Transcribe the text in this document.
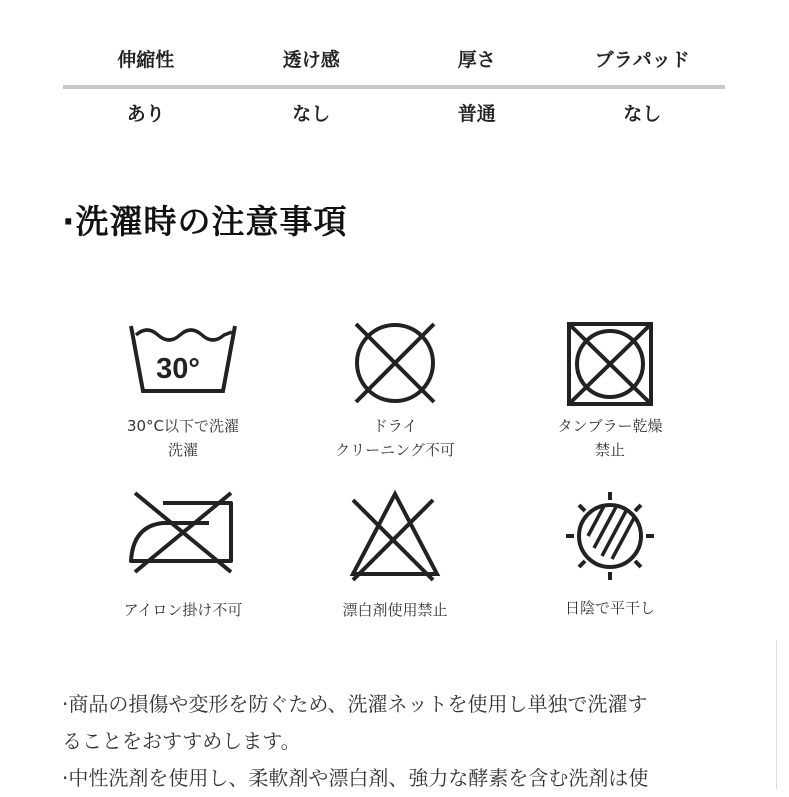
伸縮性	透け感	厚さ	ブラパッド
あり	なし	普通	なし
·洗濯時の注意事項
30°
30°C以下で洗濯
洗濯
ドライ
クリーニング不可
タンブラー乾燥
禁止
アイロン掛け不可	漂白剤使用禁止	日陰で平干し

·商品の損傷や変形を防ぐため、洗濯ネットを使用し単独で洗濯す

ることをおすすめします。

·中性洗剤を使用し、柔軟剤や漂白剤、強力な酵素を含む洗剤は使
